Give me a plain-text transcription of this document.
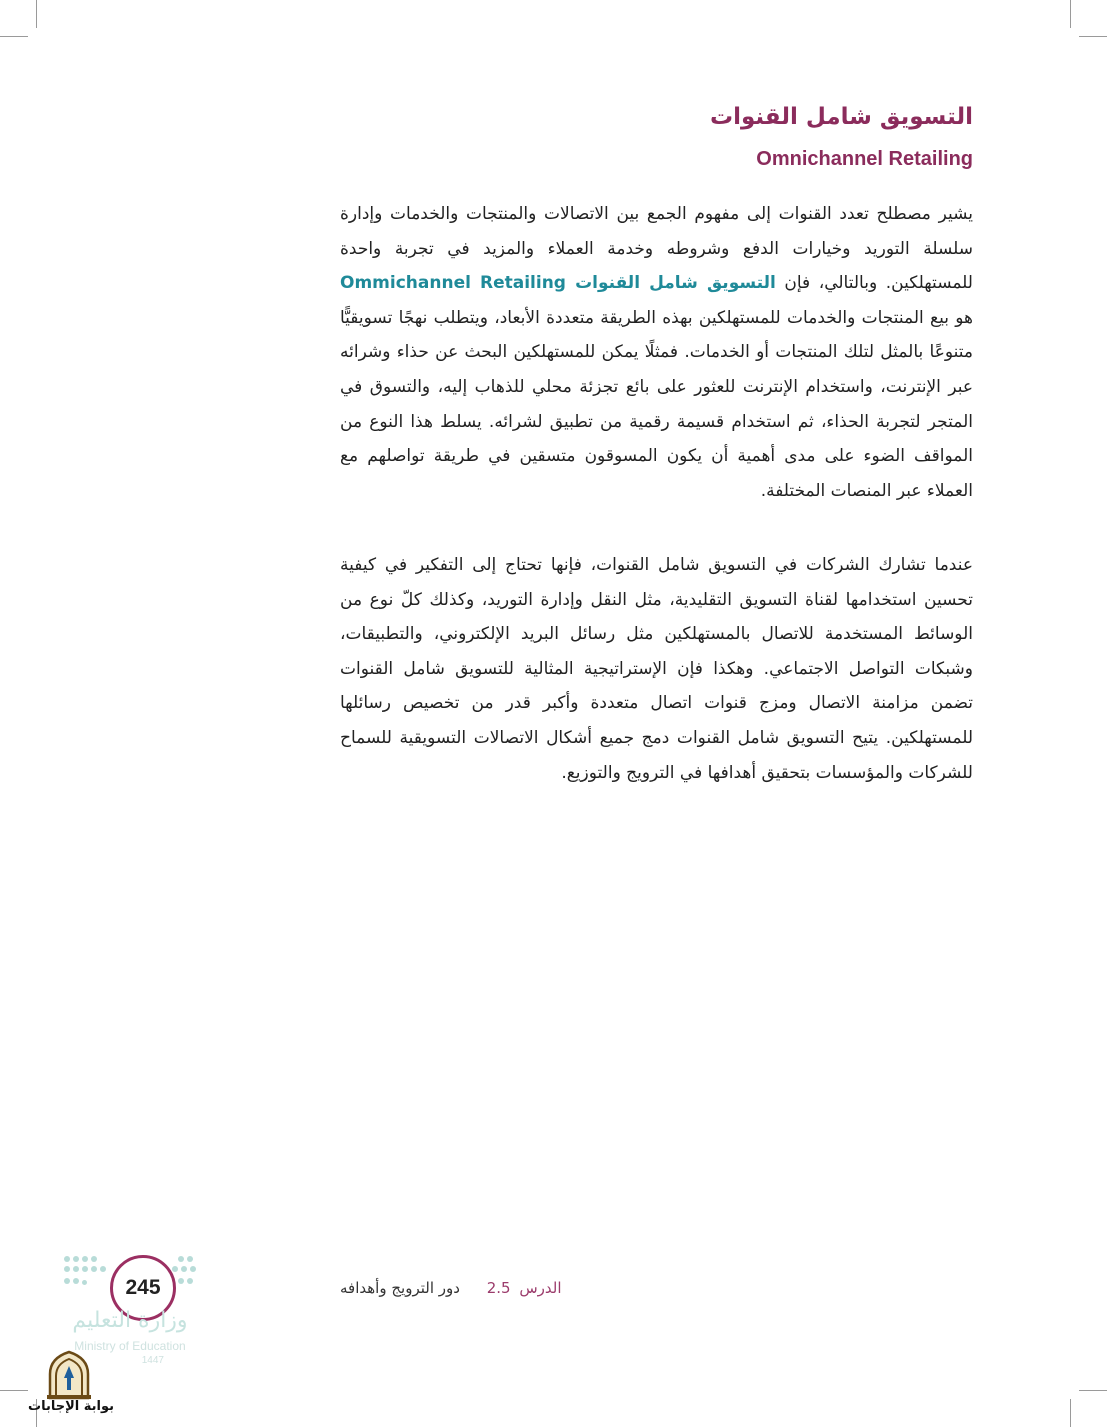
التسويق شامل القنوات
Omnichannel Retailing

يشير مصطلح تعدد القنوات إلى مفهوم الجمع بين الاتصالات والمنتجات والخدمات وإدارة سلسلة التوريد وخيارات الدفع وشروطه وخدمة العملاء والمزيد في تجربة واحدة للمستهلكين. وبالتالي، فإن التسويق شامل القنوات Ommichannel Retailing هو بيع المنتجات والخدمات للمستهلكين بهذه الطريقة متعددة الأبعاد، ويتطلب نهجًا تسويقيًّا متنوعًا بالمثل لتلك المنتجات أو الخدمات. فمثلًا يمكن للمستهلكين البحث عن حذاء وشرائه عبر الإنترنت، واستخدام الإنترنت للعثور على بائع تجزئة محلي للذهاب إليه، والتسوق في المتجر لتجربة الحذاء، ثم استخدام قسيمة رقمية من تطبيق لشرائه. يسلط هذا النوع من المواقف الضوء على مدى أهمية أن يكون المسوقون متسقين في طريقة تواصلهم مع العملاء عبر المنصات المختلفة.

عندما تشارك الشركات في التسويق شامل القنوات، فإنها تحتاج إلى التفكير في كيفية تحسين استخدامها لقناة التسويق التقليدية، مثل النقل وإدارة التوريد، وكذلك كلّ نوع من الوسائط المستخدمة للاتصال بالمستهلكين مثل رسائل البريد الإلكتروني، والتطبيقات، وشبكات التواصل الاجتماعي. وهكذا فإن الإستراتيجية المثالية للتسويق شامل القنوات تضمن مزامنة الاتصال ومزج قنوات اتصال متعددة وأكبر قدر من تخصيص رسائلها للمستهلكين. يتيح التسويق شامل القنوات دمج جميع أشكال الاتصالات التسويقية للسماح للشركات والمؤسسات بتحقيق أهدافها في الترويج والتوزيع.

الدرس 2.5 دور الترويج وأهدافه
245
وزارة التعليم
Ministry of Education
1447
بوابة الإجابات
